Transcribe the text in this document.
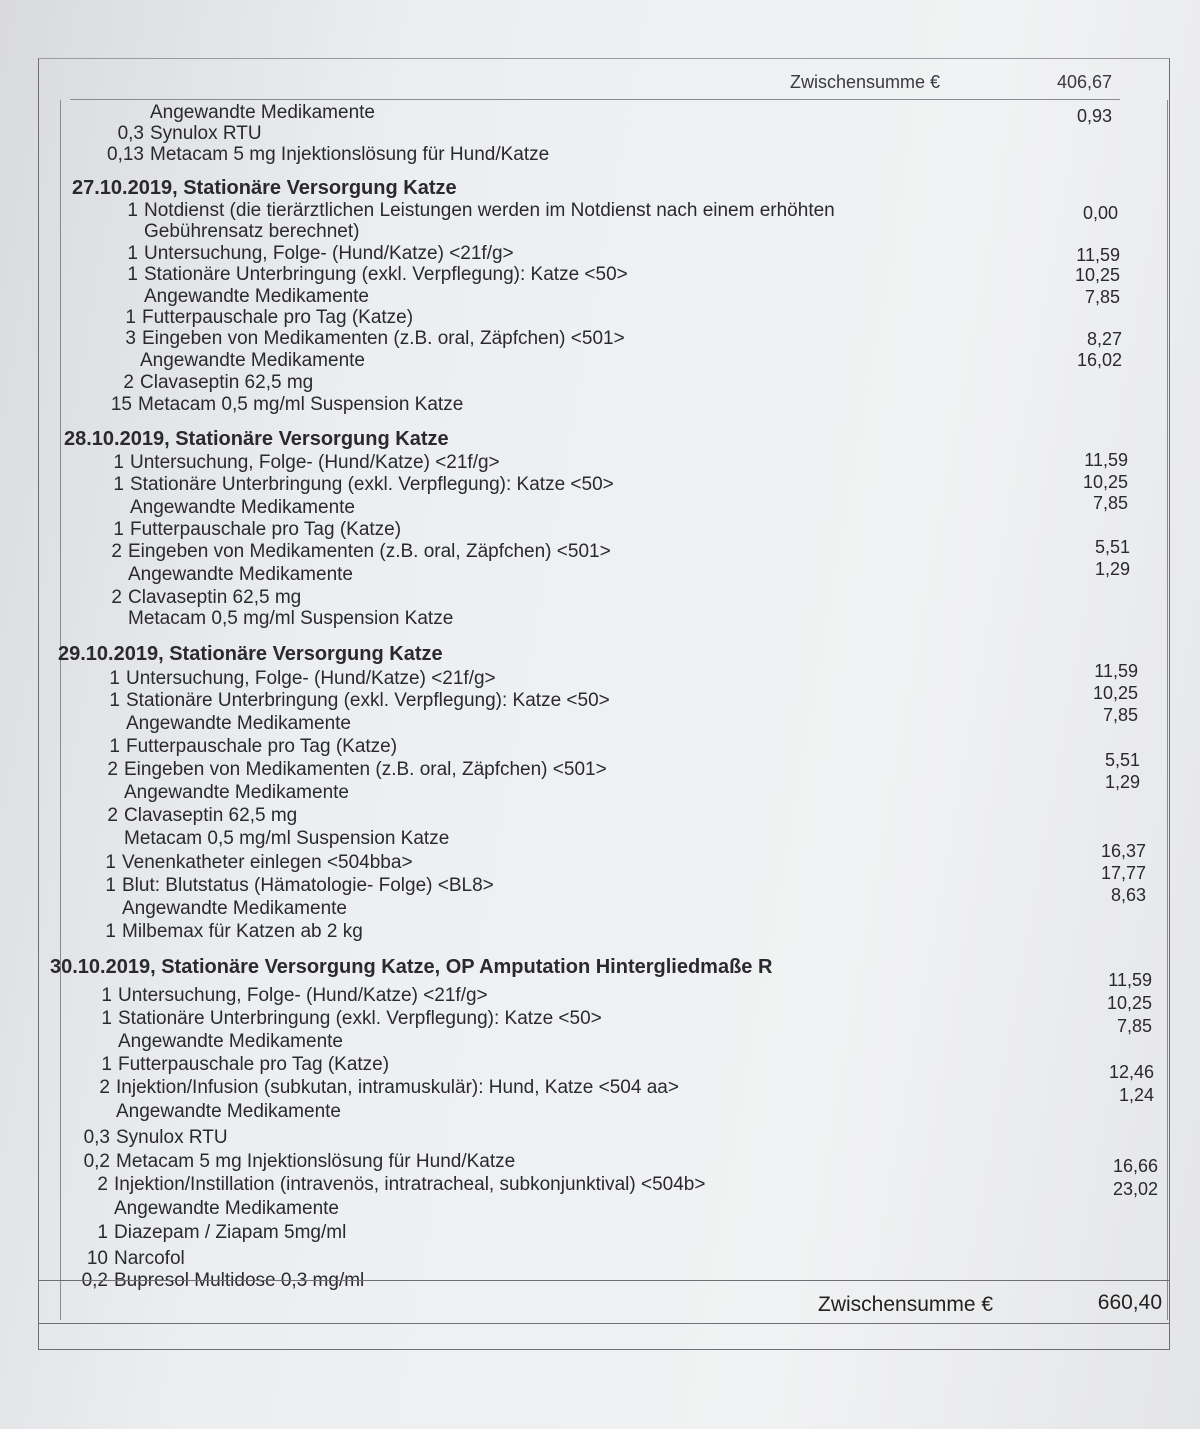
Zwischensumme €	406,67
Angewandte Medikamente
0,3 Synulox RTU
0,13 Metacam 5 mg Injektionslösung für Hund/Katze
0,93
27.10.2019, Stationäre Versorgung Katze
1 Notdienst (die tierärztlichen Leistungen werden im Notdienst nach einem erhöhten
Gebührensatz berechnet)
1 Untersuchung, Folge- (Hund/Katze) <21f/g>
1 Stationäre Unterbringung (exkl. Verpflegung): Katze <50>
Angewandte Medikamente
1 Futterpauschale pro Tag (Katze)
3 Eingeben von Medikamenten (z.B. oral, Zäpfchen) <501>
Angewandte Medikamente
2 Clavaseptin 62,5 mg
15 Metacam 0,5 mg/ml Suspension Katze
0,00
11,59
10,25
7,85
8,27
16,02
28.10.2019, Stationäre Versorgung Katze
1 Untersuchung, Folge- (Hund/Katze) <21f/g>
1 Stationäre Unterbringung (exkl. Verpflegung): Katze <50>
Angewandte Medikamente
1 Futterpauschale pro Tag (Katze)
2 Eingeben von Medikamenten (z.B. oral, Zäpfchen) <501>
Angewandte Medikamente
2 Clavaseptin 62,5 mg
Metacam 0,5 mg/ml Suspension Katze
11,59
10,25
7,85
5,51
1,29
29.10.2019, Stationäre Versorgung Katze
1 Untersuchung, Folge- (Hund/Katze) <21f/g>
1 Stationäre Unterbringung (exkl. Verpflegung): Katze <50>
Angewandte Medikamente
1 Futterpauschale pro Tag (Katze)
2 Eingeben von Medikamenten (z.B. oral, Zäpfchen) <501>
Angewandte Medikamente
2 Clavaseptin 62,5 mg
Metacam 0,5 mg/ml Suspension Katze
1 Venenkatheter einlegen <504bba>
1 Blut: Blutstatus (Hämatologie- Folge) <BL8>
Angewandte Medikamente
1 Milbemax für Katzen ab 2 kg
11,59
10,25
7,85
5,51
1,29
16,37
17,77
8,63
30.10.2019, Stationäre Versorgung Katze, OP Amputation Hintergliedmaße R
1 Untersuchung, Folge- (Hund/Katze) <21f/g>
1 Stationäre Unterbringung (exkl. Verpflegung): Katze <50>
Angewandte Medikamente
1 Futterpauschale pro Tag (Katze)
2 Injektion/Infusion (subkutan, intramuskulär): Hund, Katze <504 aa>
Angewandte Medikamente
0,3 Synulox RTU
0,2 Metacam 5 mg Injektionslösung für Hund/Katze
2 Injektion/Instillation (intravenös, intratracheal, subkonjunktival) <504b>
Angewandte Medikamente
1 Diazepam / Ziapam 5mg/ml
10 Narcofol
0,2 Bupresol Multidose 0,3 mg/ml
11,59
10,25
7,85
12,46
1,24
16,66
23,02
Zwischensumme €	660,40
